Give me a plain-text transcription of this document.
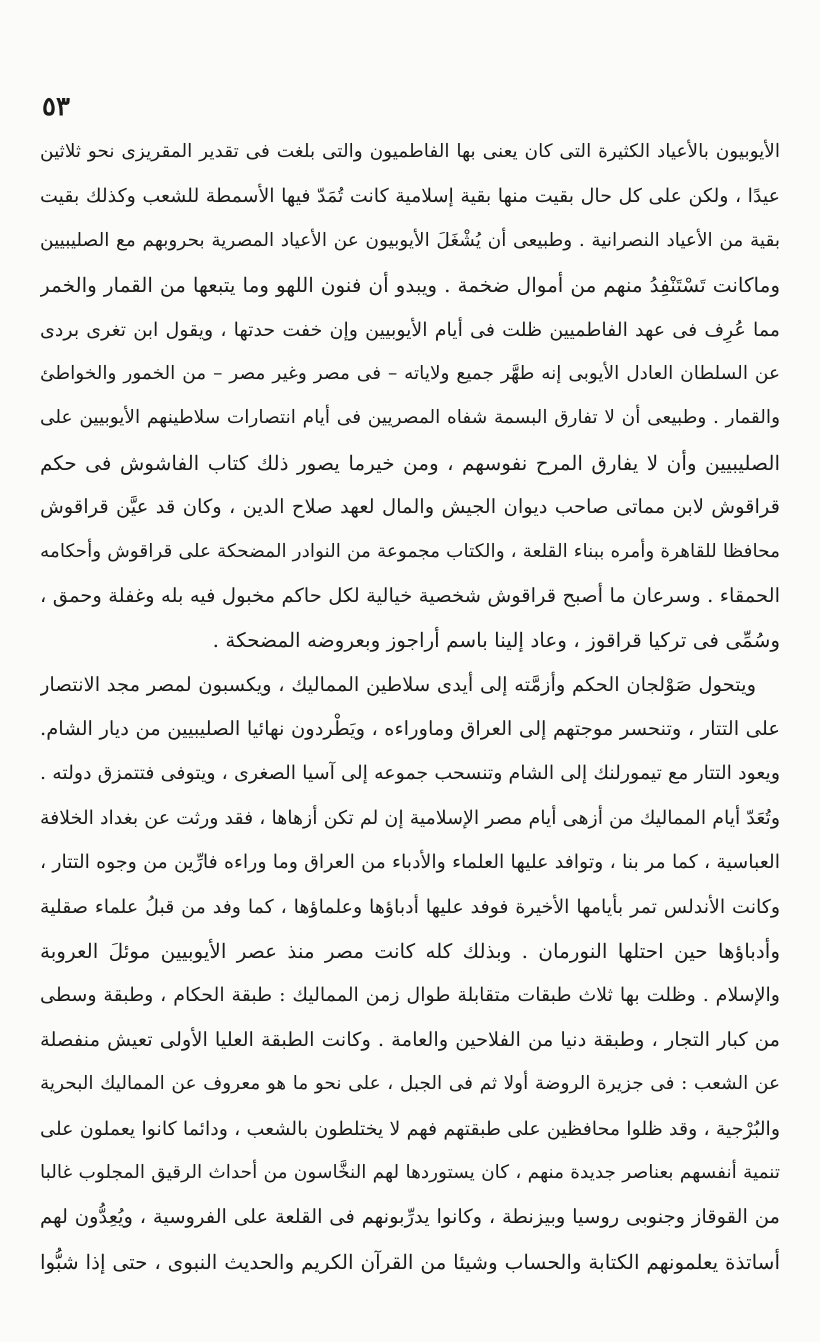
٥٣
الأيوبيون بالأعياد الكثيرة التى كان يعنى بها الفاطميون والتى بلغت فى تقدير المقريزى نحو ثلاثين
عيدًا ، ولكن على كل حال بقيت منها بقية إسلامية كانت تُمَدّ فيها الأسمطة للشعب وكذلك بقيت
بقية من الأعياد النصرانية . وطبيعى أن يُشْغَلَ الأيوبيون عن الأعياد المصرية بحروبهم مع الصليبيين
وماكانت تَسْتَنْفِدُ منهم من أموال ضخمة . ويبدو أن فنون اللهو وما يتبعها من القمار والخمر
مما عُرِف فى عهد الفاطميين ظلت فى أيام الأيوبيين وإن خفت حدتها ، ويقول ابن تغرى بردى
عن السلطان العادل الأيوبى إنه طهَّر جميع ولاياته – فى مصر وغير مصر – من الخمور والخواطئ
والقمار . وطبيعى أن لا تفارق البسمة شفاه المصريين فى أيام انتصارات سلاطينهم الأيوبيين على
الصليبيين وأن لا يفارق المرح نفوسهم ، ومن خيرما يصور ذلك كتاب الفاشوش فى حكم
قراقوش لابن مماتى صاحب ديوان الجيش والمال لعهد صلاح الدين ، وكان قد عيَّن قراقوش
محافظا للقاهرة وأمره ببناء القلعة ، والكتاب مجموعة من النوادر المضحكة على قراقوش وأحكامه
الحمقاء . وسرعان ما أصبح قراقوش شخصية خيالية لكل حاكم مخبول فيه بله وغفلة وحمق ،
وسُمِّى فى تركيا قراقوز ، وعاد إلينا باسم أراجوز وبعروضه المضحكة .
ويتحول صَوْلجان الحكم وأزمَّته إلى أيدى سلاطين المماليك ، ويكسبون لمصر مجد الانتصار
على التتار ، وتنحسر موجتهم إلى العراق وماوراءه ، ويَطْردون نهائيا الصليبيين من ديار الشام.
ويعود التتار مع تيمورلنك إلى الشام وتنسحب جموعه إلى آسيا الصغرى ، ويتوفى فتتمزق دولته .
وتُعَدّ أيام المماليك من أزهى أيام مصر الإسلامية إن لم تكن أزهاها ، فقد ورثت عن بغداد الخلافة
العباسية ، كما مر بنا ، وتوافد عليها العلماء والأدباء من العراق وما وراءه فارِّين من وجوه التتار ،
وكانت الأندلس تمر بأيامها الأخيرة فوفد عليها أدباؤها وعلماؤها ، كما وفد من قبلُ علماء صقلية
وأدباؤها حين احتلها النورمان . وبذلك كله كانت مصر منذ عصر الأيوبيين موئلَ العروبة
والإسلام . وظلت بها ثلاث طبقات متقابلة طوال زمن المماليك : طبقة الحكام ، وطبقة وسطى
من كبار التجار ، وطبقة دنيا من الفلاحين والعامة . وكانت الطبقة العليا الأولى تعيش منفصلة
عن الشعب : فى جزيرة الروضة أولا ثم فى الجبل ، على نحو ما هو معروف عن المماليك البحرية
والبُرْجية ، وقد ظلوا محافظين على طبقتهم فهم لا يختلطون بالشعب ، ودائما كانوا يعملون على
تنمية أنفسهم بعناصر جديدة منهم ، كان يستوردها لهم النخَّاسون من أحداث الرقيق المجلوب غالبا
من القوقاز وجنوبى روسيا وبيزنطة ، وكانوا يدرِّبونهم فى القلعة على الفروسية ، ويُعِدُّون لهم
أساتذة يعلمونهم الكتابة والحساب وشيئا من القرآن الكريم والحديث النبوى ، حتى إذا شبُّوا
